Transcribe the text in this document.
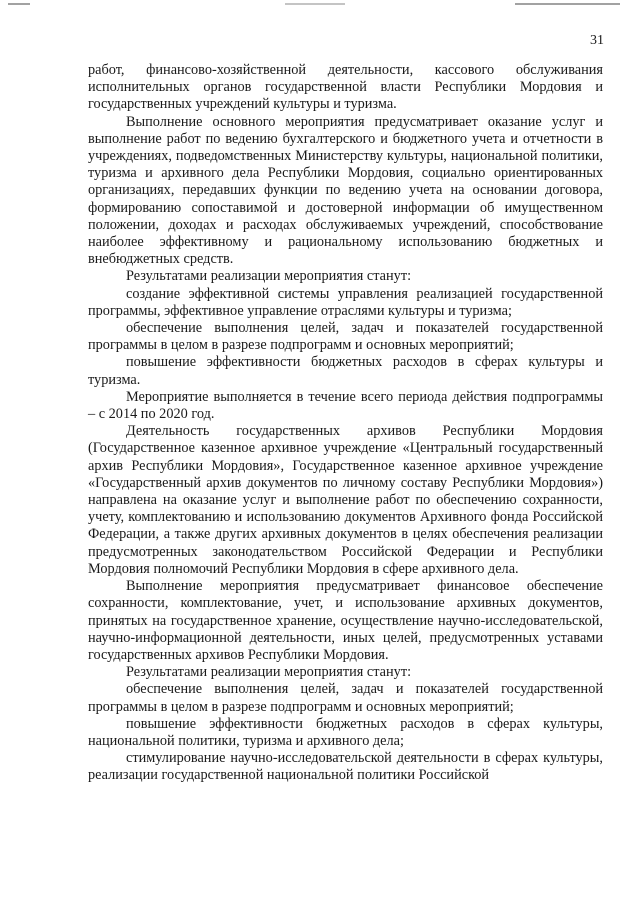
31

работ, финансово-хозяйственной деятельности, кассового обслуживания исполнительных органов государственной власти Республики Мордовия и государственных учреждений культуры и туризма.

Выполнение основного мероприятия предусматривает оказание услуг и выполнение работ по ведению бухгалтерского и бюджетного учета и отчетности в учреждениях, подведомственных Министерству культуры, национальной политики, туризма и архивного дела Республики Мордовия, социально ориентированных организациях, передавших функции по ведению учета на основании договора, формированию сопоставимой и достоверной информации об имущественном положении, доходах и расходах обслуживаемых учреждений, способствование наиболее эффективному и рациональному использованию бюджетных и внебюджетных средств.

Результатами реализации мероприятия станут:

создание эффективной системы управления реализацией государственной программы, эффективное управление отраслями культуры и туризма;

обеспечение выполнения целей, задач и показателей государственной программы в целом в разрезе подпрограмм и основных мероприятий;

повышение эффективности бюджетных расходов в сферах культуры и туризма.

Мероприятие выполняется в течение всего периода действия подпрограммы – с 2014 по 2020 год.

Деятельность государственных архивов Республики Мордовия (Государственное казенное архивное учреждение «Центральный государственный архив Республики Мордовия», Государственное казенное архивное учреждение «Государственный архив документов по личному составу Республики Мордовия») направлена на оказание услуг и выполнение работ по обеспечению сохранности, учету, комплектованию и использованию документов Архивного фонда Российской Федерации, а также других архивных документов в целях обеспечения реализации предусмотренных законодательством Российской Федерации и Республики Мордовия полномочий Республики Мордовия в сфере архивного дела.

Выполнение мероприятия предусматривает финансовое обеспечение сохранности, комплектование, учет, и использование архивных документов, принятых на государственное хранение, осуществление научно-исследовательской, научно-информационной деятельности, иных целей, предусмотренных уставами государственных архивов Республики Мордовия.

Результатами реализации мероприятия станут:

обеспечение выполнения целей, задач и показателей государственной программы в целом в разрезе подпрограмм и основных мероприятий;

повышение эффективности бюджетных расходов в сферах культуры, национальной политики, туризма и архивного дела;

стимулирование научно-исследовательской деятельности в сферах культуры, реализации государственной национальной политики Российской
